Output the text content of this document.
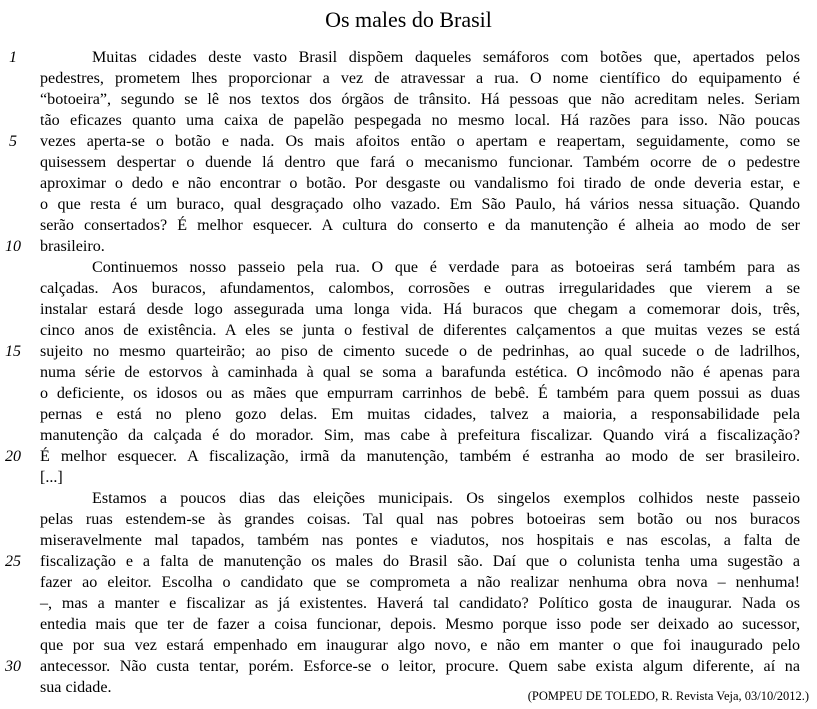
Os males do Brasil
1
5
10
15
20
25
30
Muitas cidades deste vasto Brasil dispõem daqueles semáforos com botões que, apertados pelos
pedestres, prometem lhes proporcionar a vez de atravessar a rua. O nome científico do equipamento é
“botoeira”, segundo se lê nos textos dos órgãos de trânsito. Há pessoas que não acreditam neles. Seriam
tão eficazes quanto uma caixa de papelão pespegada no mesmo local. Há razões para isso. Não poucas
vezes aperta-se o botão e nada. Os mais afoitos então o apertam e reapertam, seguidamente, como se
quisessem despertar o duende lá dentro que fará o mecanismo funcionar. Também ocorre de o pedestre
aproximar o dedo e não encontrar o botão. Por desgaste ou vandalismo foi tirado de onde deveria estar, e
o que resta é um buraco, qual desgraçado olho vazado. Em São Paulo, há vários nessa situação. Quando
serão consertados? É melhor esquecer. A cultura do conserto e da manutenção é alheia ao modo de ser
brasileiro.
Continuemos nosso passeio pela rua. O que é verdade para as botoeiras será também para as
calçadas. Aos buracos, afundamentos, calombos, corrosões e outras irregularidades que vierem a se
instalar estará desde logo assegurada uma longa vida. Há buracos que chegam a comemorar dois, três,
cinco anos de existência. A eles se junta o festival de diferentes calçamentos a que muitas vezes se está
sujeito no mesmo quarteirão; ao piso de cimento sucede o de pedrinhas, ao qual sucede o de ladrilhos,
numa série de estorvos à caminhada à qual se soma a barafunda estética. O incômodo não é apenas para
o deficiente, os idosos ou as mães que empurram carrinhos de bebê. É também para quem possui as duas
pernas e está no pleno gozo delas. Em muitas cidades, talvez a maioria, a responsabilidade pela
manutenção da calçada é do morador. Sim, mas cabe à prefeitura fiscalizar. Quando virá a fiscalização?
É melhor esquecer. A fiscalização, irmã da manutenção, também é estranha ao modo de ser brasileiro.
[...]
Estamos a poucos dias das eleições municipais. Os singelos exemplos colhidos neste passeio
pelas ruas estendem-se às grandes coisas. Tal qual nas pobres botoeiras sem botão ou nos buracos
miseravelmente mal tapados, também nas pontes e viadutos, nos hospitais e nas escolas, a falta de
fiscalização e a falta de manutenção os males do Brasil são. Daí que o colunista tenha uma sugestão a
fazer ao eleitor. Escolha o candidato que se comprometa a não realizar nenhuma obra nova – nenhuma!
–, mas a manter e fiscalizar as já existentes. Haverá tal candidato? Político gosta de inaugurar. Nada os
entedia mais que ter de fazer a coisa funcionar, depois. Mesmo porque isso pode ser deixado ao sucessor,
que por sua vez estará empenhado em inaugurar algo novo, e não em manter o que foi inaugurado pelo
antecessor. Não custa tentar, porém. Esforce-se o leitor, procure. Quem sabe exista algum diferente, aí na
sua cidade.	(POMPEU DE TOLEDO, R. Revista Veja, 03/10/2012.)
